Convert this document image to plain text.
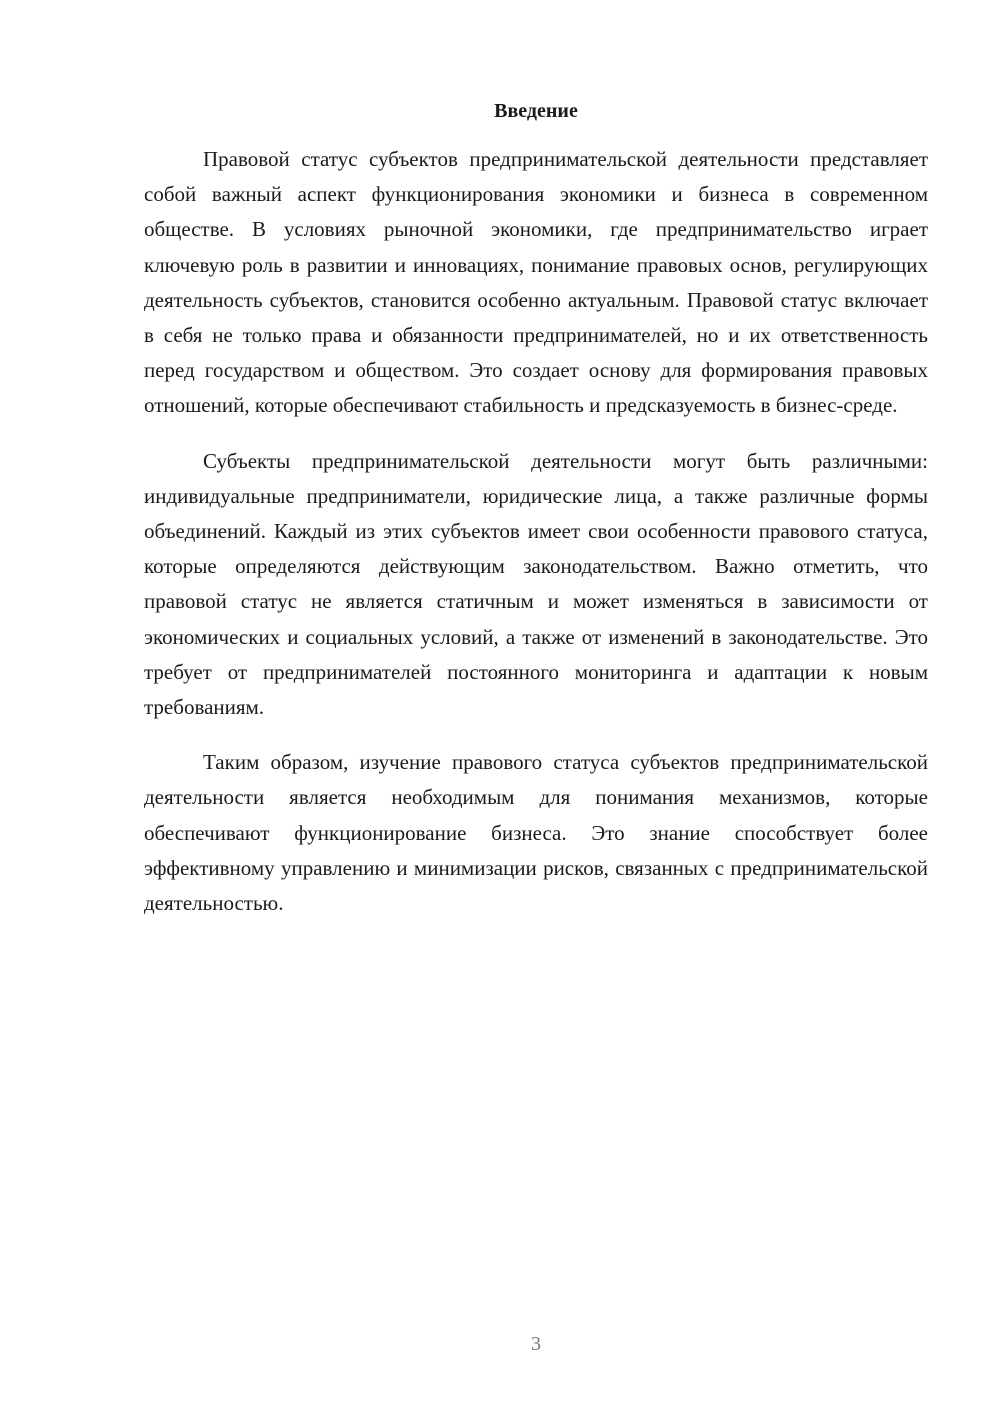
Введение

Правовой статус субъектов предпринимательской деятельности представляет собой важный аспект функционирования экономики и бизнеса в современном обществе. В условиях рыночной экономики, где предпринимательство играет ключевую роль в развитии и инновациях, понимание правовых основ, регулирующих деятельность субъектов, становится особенно актуальным. Правовой статус включает в себя не только права и обязанности предпринимателей, но и их ответственность перед государством и обществом. Это создает основу для формирования правовых отношений, которые обеспечивают стабильность и предсказуемость в бизнес-среде.

Субъекты предпринимательской деятельности могут быть различными: индивидуальные предприниматели, юридические лица, а также различные формы объединений. Каждый из этих субъектов имеет свои особенности правового статуса, которые определяются действующим законодательством. Важно отметить, что правовой статус не является статичным и может изменяться в зависимости от экономических и социальных условий, а также от изменений в законодательстве. Это требует от предпринимателей постоянного мониторинга и адаптации к новым требованиям.

Таким образом, изучение правового статуса субъектов предпринимательской деятельности является необходимым для понимания механизмов, которые обеспечивают функционирование бизнеса. Это знание способствует более эффективному управлению и минимизации рисков, связанных с предпринимательской деятельностью.

3
